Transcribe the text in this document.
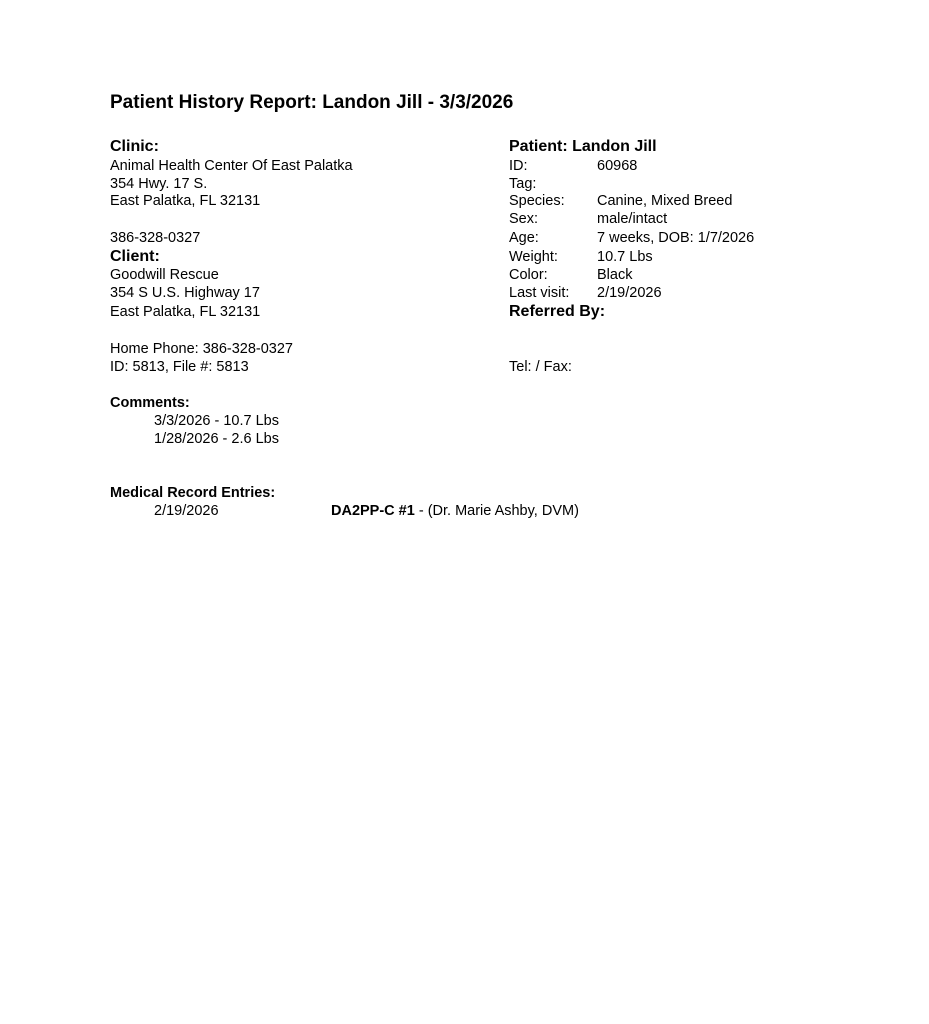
Patient History Report: Landon Jill - 3/3/2026
Clinic:
Animal Health Center Of East Palatka
354 Hwy. 17 S.
East Palatka, FL 32131
386-328-0327
Client:
Goodwill Rescue
354 S U.S. Highway 17
East Palatka, FL 32131
Home Phone: 386-328-0327
ID: 5813, File #: 5813
Patient: Landon Jill
ID:	60968
Tag:
Species: Canine, Mixed Breed
Sex:	male/intact
Age:	7 weeks, DOB: 1/7/2026
Weight:	10.7 Lbs
Color:	Black
Last visit: 2/19/2026
Referred By:
Tel: / Fax:
Comments:
3/3/2026 - 10.7 Lbs
1/28/2026 - 2.6 Lbs
Medical Record Entries:
2/19/2026	DA2PP-C #1 - (Dr. Marie Ashby, DVM)
